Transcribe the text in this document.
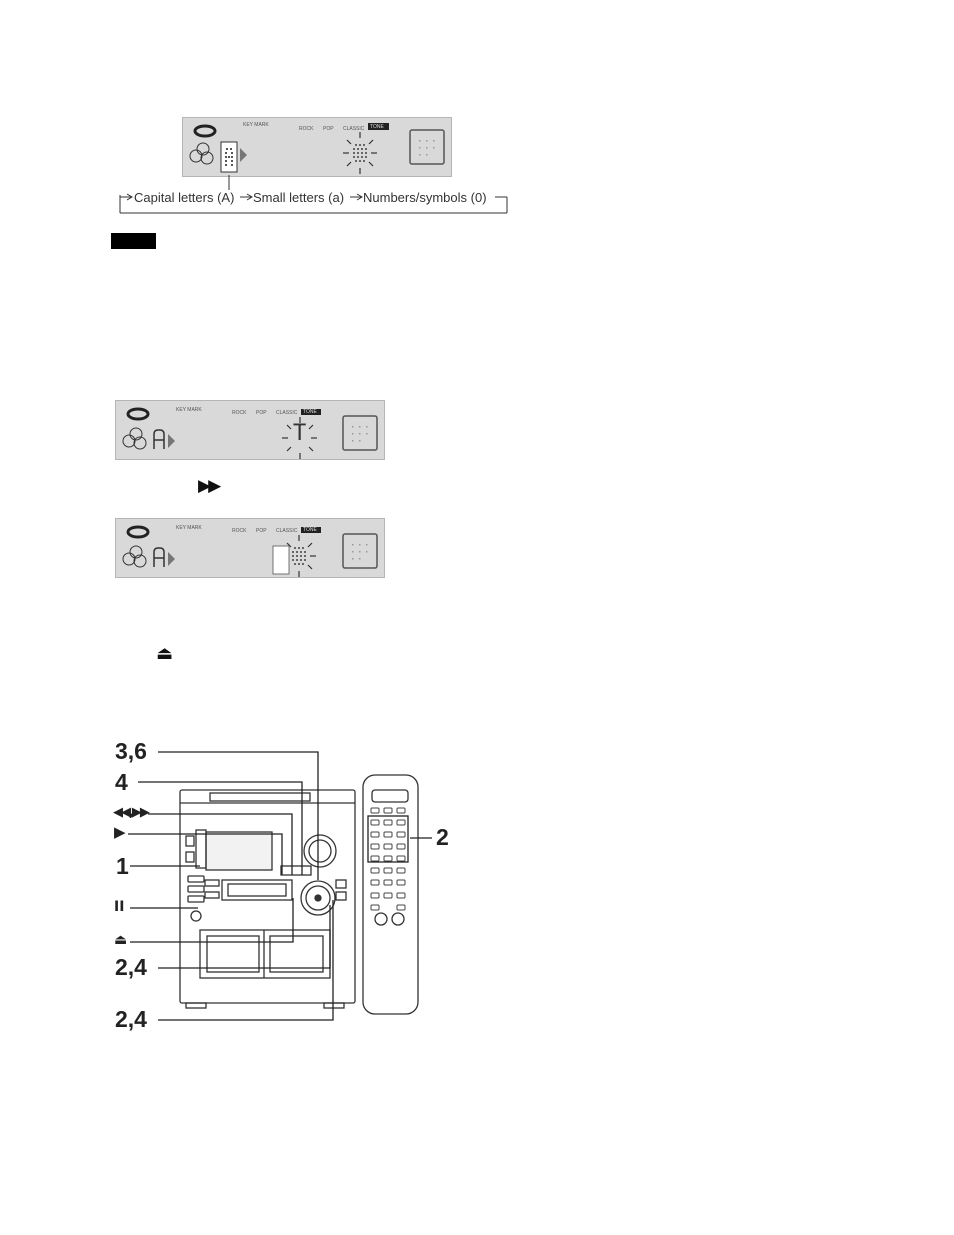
KEY MARK
ROCK POP CLASSIC TONE
Capital letters (A) Small letters (a) Numbers/symbols (0)
KEY MARK	ROCK POP CLASSIC TONE
T
▶▶
KEY MARK	ROCK POP CLASSIC TONE
⏏
3,6
4
◀◀,▶▶
▶
1
II
⏏
2,4
2,4
2
